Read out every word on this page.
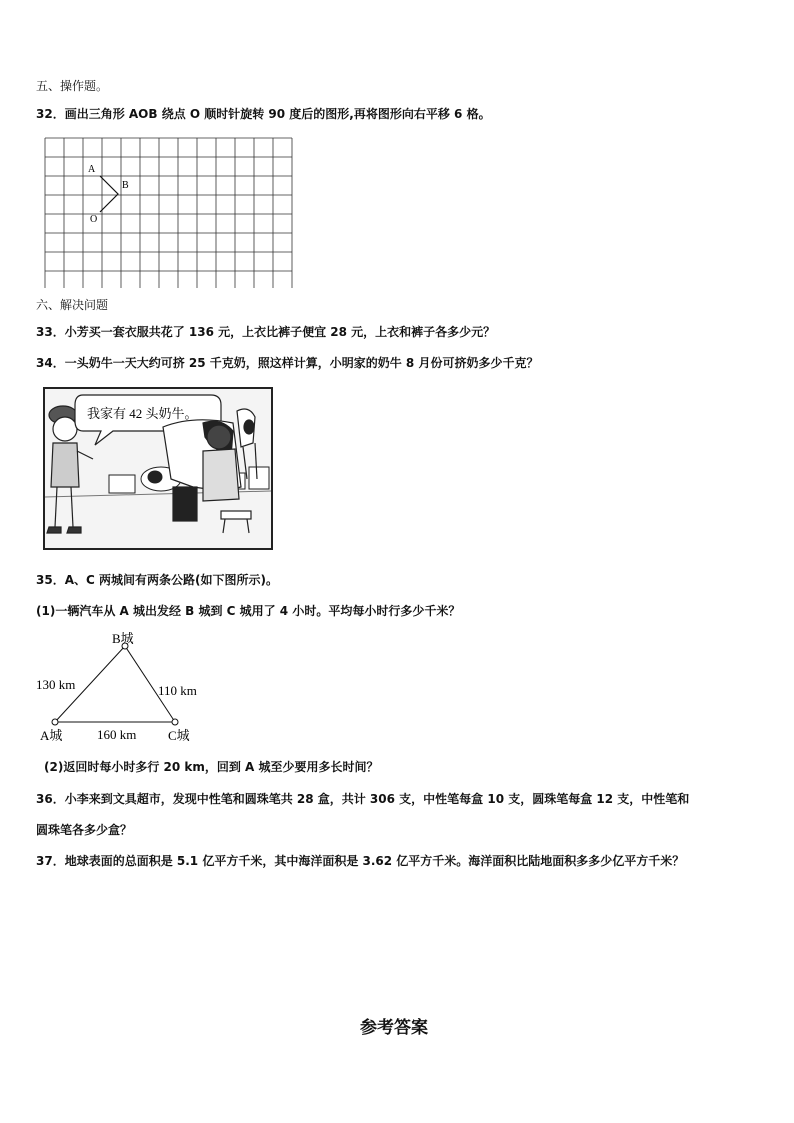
五、操作题。
32．画出三角形 AOB 绕点 O 顺时针旋转 90 度后的图形,再将图形向右平移 6 格。
A
B
O
六、解决问题
33．小芳买一套衣服共花了 136 元，上衣比裤子便宜 28 元，上衣和裤子各多少元？
34．一头奶牛一天大约可挤 25 千克奶，照这样计算，小明家的奶牛 8 月份可挤奶多少千克？
我家有 42 头奶牛。
35．A、C 两城间有两条公路(如下图所示)。
(1)一辆汽车从 A 城出发经 B 城到 C 城用了 4 小时。平均每小时行多少千米？
B城
130 km	110 km
A城	160 km C城
(2)返回时每小时多行 20 km，回到 A 城至少要用多长时间？
36．小李来到文具超市，发现中性笔和圆珠笔共 28 盒，共计 306 支，中性笔每盒 10 支，圆珠笔每盒 12 支，中性笔和
圆珠笔各多少盒？
37．地球表面的总面积是 5.1 亿平方千米，其中海洋面积是 3.62 亿平方千米。海洋面积比陆地面积多多少亿平方千米？
参考答案
